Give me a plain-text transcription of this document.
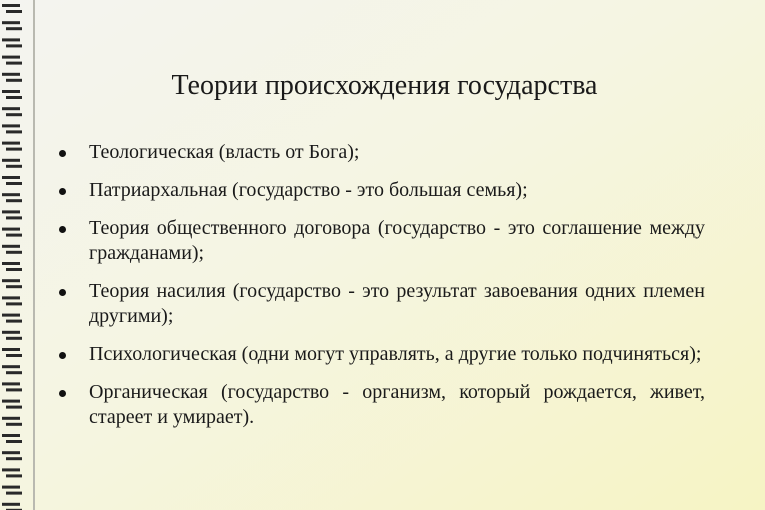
Теории происхождения государства
Теологическая (власть от Бога);
Патриархальная (государство - это большая семья);
Теория общественного договора (государство - это соглашение между гражданами);
Теория насилия (государство - это результат завоевания одних племен другими);
Психологическая (одни могут управлять, а другие только подчиняться);
Органическая (государство - организм, который рождается, живет, стареет и умирает).
